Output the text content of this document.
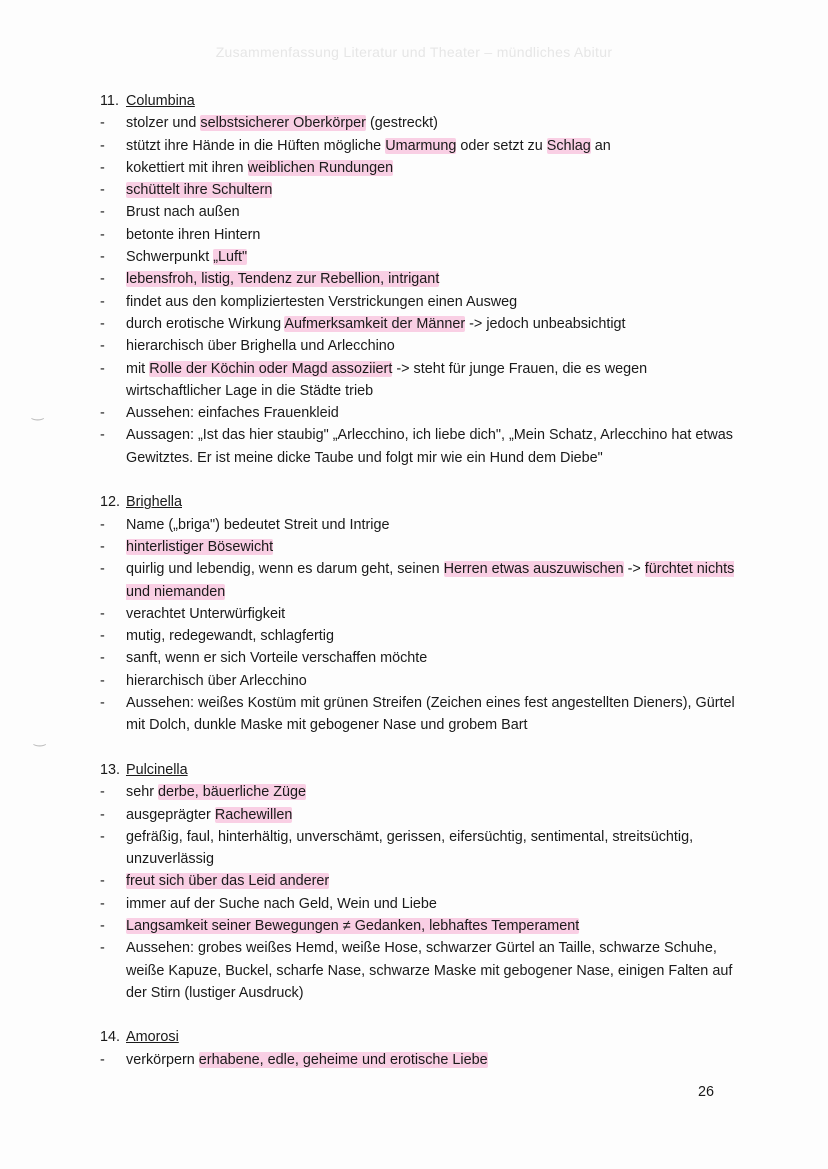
Zusammenfassung Literatur und Theater – mündliches Abitur
11. Columbina
-	stolzer und selbstsicherer Oberkörper (gestreckt)
-	stützt ihre Hände in die Hüften mögliche Umarmung oder setzt zu Schlag an
-	kokettiert mit ihren weiblichen Rundungen
-	schüttelt ihre Schultern
-	Brust nach außen
-	betonte ihren Hintern
-	Schwerpunkt „Luft"
-	lebensfroh, listig, Tendenz zur Rebellion, intrigant
-	findet aus den kompliziertesten Verstrickungen einen Ausweg
-	durch erotische Wirkung Aufmerksamkeit der Männer -> jedoch unbeabsichtigt
-	hierarchisch über Brighella und Arlecchino
-	mit Rolle der Köchin oder Magd assoziiert -> steht für junge Frauen, die es wegen wirtschaftlicher Lage in die Städte trieb
-	Aussehen: einfaches Frauenkleid
-	Aussagen: „Ist das hier staubig" „Arlecchino, ich liebe dich", „Mein Schatz, Arlecchino hat etwas Gewitztes. Er ist meine dicke Taube und folgt mir wie ein Hund dem Diebe"
12. Brighella
-	Name („briga") bedeutet Streit und Intrige
-	hinterlistiger Bösewicht
-	quirlig und lebendig, wenn es darum geht, seinen Herren etwas auszuwischen -> fürchtet nichts und niemanden
-	verachtet Unterwürfigkeit
-	mutig, redegewandt, schlagfertig
-	sanft, wenn er sich Vorteile verschaffen möchte
-	hierarchisch über Arlecchino
-	Aussehen: weißes Kostüm mit grünen Streifen (Zeichen eines fest angestellten Dieners), Gürtel mit Dolch, dunkle Maske mit gebogener Nase und grobem Bart
13. Pulcinella
-	sehr derbe, bäuerliche Züge
-	ausgeprägter Rachewillen
-	gefräßig, faul, hinterhältig, unverschämt, gerissen, eifersüchtig, sentimental, streitsüchtig, unzuverlässig
-	freut sich über das Leid anderer
-	immer auf der Suche nach Geld, Wein und Liebe
-	Langsamkeit seiner Bewegungen ≠ Gedanken, lebhaftes Temperament
-	Aussehen: grobes weißes Hemd, weiße Hose, schwarzer Gürtel an Taille, schwarze Schuhe, weiße Kapuze, Buckel, scharfe Nase, schwarze Maske mit gebogener Nase, einigen Falten auf der Stirn (lustiger Ausdruck)
14. Amorosi
-	verkörpern erhabene, edle, geheime und erotische Liebe
26
‿
‿
